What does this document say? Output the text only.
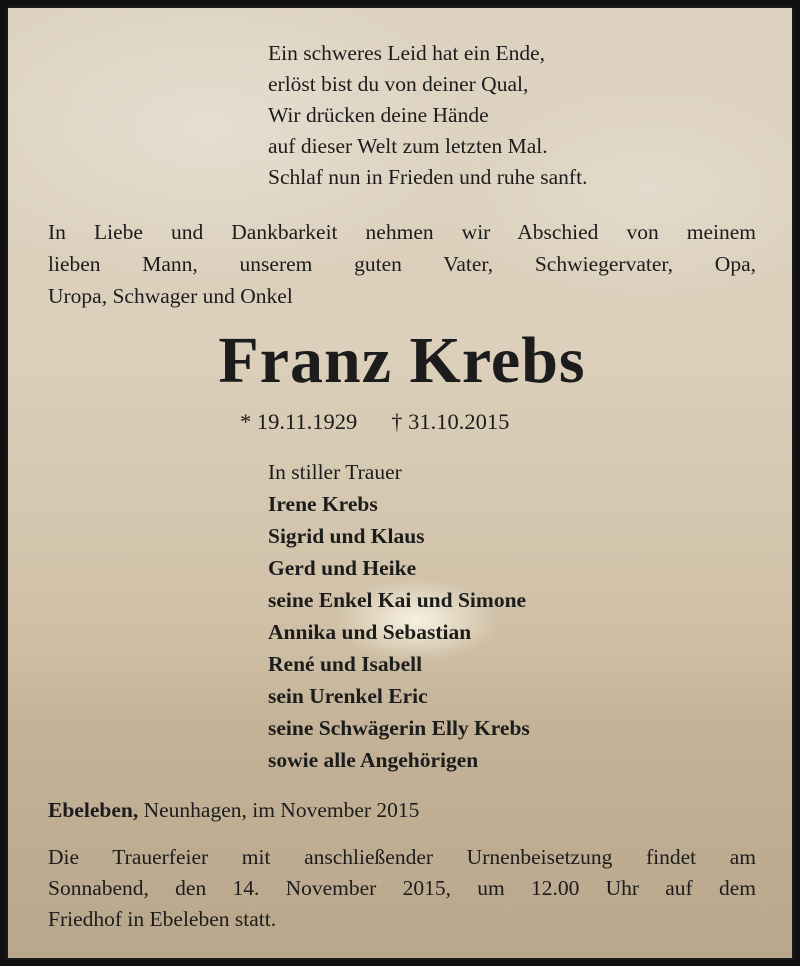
Ein schweres Leid hat ein Ende,
erlöst bist du von deiner Qual,
Wir drücken deine Hände
auf dieser Welt zum letzten Mal.
Schlaf nun in Frieden und ruhe sanft.
In Liebe und Dankbarkeit nehmen wir Abschied von meinem
lieben Mann, unserem guten Vater, Schwiegervater, Opa,
Uropa, Schwager und Onkel
Franz Krebs
* 19.11.1929 † 31.10.2015
In stiller Trauer
Irene Krebs
Sigrid und Klaus
Gerd und Heike
seine Enkel Kai und Simone
Annika und Sebastian
René und Isabell
sein Urenkel Eric
seine Schwägerin Elly Krebs
sowie alle Angehörigen
Ebeleben, Neunhagen, im November 2015
Die Trauerfeier mit anschließender Urnenbeisetzung findet am
Sonnabend, den 14. November 2015, um 12.00 Uhr auf dem
Friedhof in Ebeleben statt.
